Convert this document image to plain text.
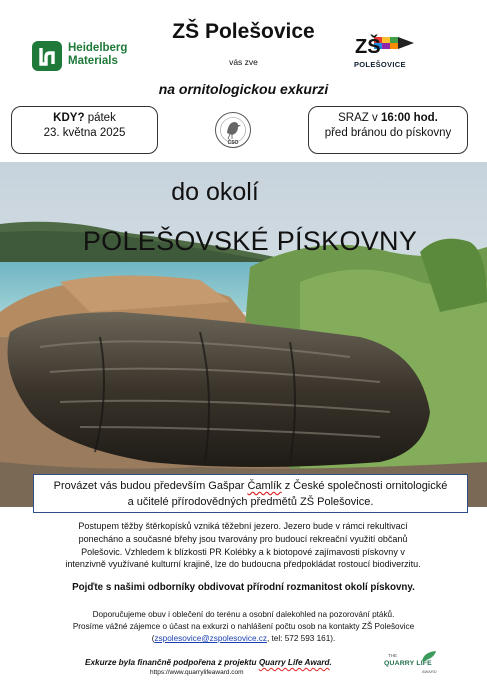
Heidelberg
Materials
ZŠ Polešovice
vás zve
ZŠ
POLEŠOVICE
na ornitologickou exkurzi
KDY? pátek
23. května 2025
ČSO
SRAZ v 16:00 hod.
před bránou do pískovny
do okolí
POLEŠOVSKÉ PÍSKOVNY
Provázet vás budou především Gašpar Čamlík z České společnosti ornitologické
a učitelé přírodovědných předmětů ZŠ Polešovice.
Postupem těžby štěrkopísků vzniká těžební jezero. Jezero bude v rámci rekultivací
ponecháno a současné břehy jsou tvarovány pro budoucí rekreační využití občanů
Polešovic. Vzhledem k blízkosti PR Kolébky a k biotopové zajímavosti pískovny v
intenzivně využívané kulturní krajině, lze do budoucna předpokládat rostoucí biodiverzitu.
Pojďte s našimi odborníky obdivovat přírodní rozmanitost okolí pískovny.
Doporučujeme obuv i oblečení do terénu a osobní dalekohled na pozorování ptáků.
Prosíme vážné zájemce o účast na exkurzi o nahlášení počtu osob na kontakty ZŠ Polešovice
(zspolesovice@zspolesovice.cz, tel: 572 593 161).
Exkurze byla finančně podpořena z projektu Quarry Life Award.
https://www.quarrylifeaward.com
THE
QUARRY LIFE
AWARD
